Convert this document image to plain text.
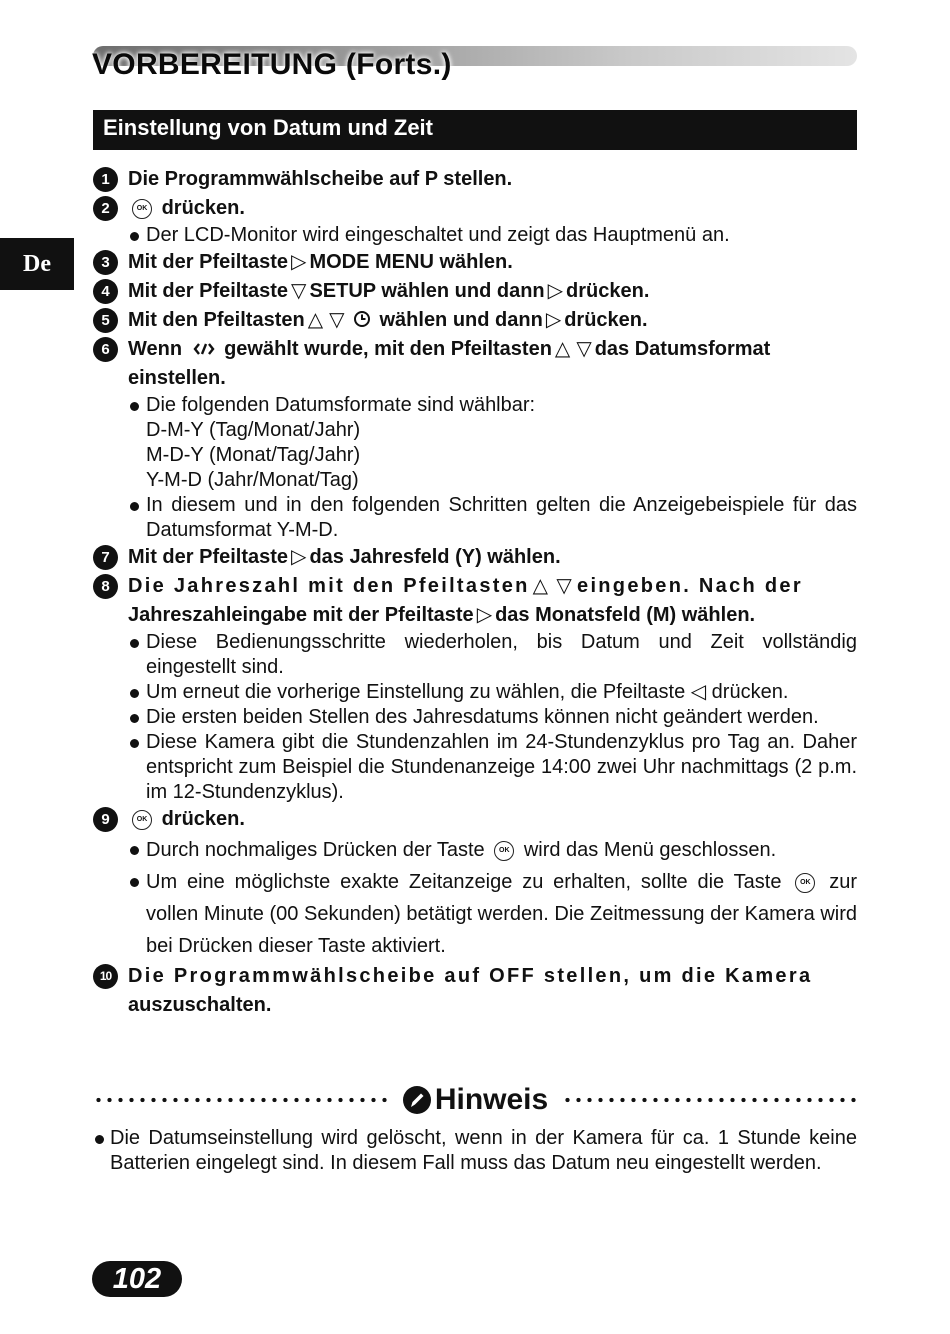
VORBEREITUNG (Forts.)
Einstellung von Datum und Zeit
De
1 Die Programmwählscheibe auf P stellen.
2	OK drücken.
Der LCD-Monitor wird eingeschaltet und zeigt das Hauptmenü an.
3 Mit der Pfeiltaste ▷ MODE MENU wählen.
4 Mit der Pfeiltaste ▽ SETUP wählen und dann ▷ drücken.
5 Mit den Pfeiltasten △ ▽ wählen und dann ▷ drücken.
6 Wenn gewählt wurde, mit den Pfeiltasten △ ▽ das Datumsformat einstellen.
Die folgenden Datumsformate sind wählbar:
D-M-Y (Tag/Monat/Jahr)
M-D-Y (Monat/Tag/Jahr)
Y-M-D (Jahr/Monat/Tag)
In diesem und in den folgenden Schritten gelten die Anzeigebeispiele für das Datumsformat Y-M-D.
7 Mit der Pfeiltaste ▷ das Jahresfeld (Y) wählen.
8 Die Jahreszahl mit den Pfeiltasten △ ▽ eingeben. Nach der
Jahreszahleingabe mit der Pfeiltaste ▷ das Monatsfeld (M) wählen.
Diese Bedienungsschritte wiederholen, bis Datum und Zeit vollständig eingestellt sind.
Um erneut die vorherige Einstellung zu wählen, die Pfeiltaste ◁ drücken.
Die ersten beiden Stellen des Jahresdatums können nicht geändert werden.
Diese Kamera gibt die Stundenzahlen im 24-Stundenzyklus pro Tag an. Daher entspricht zum Beispiel die Stundenanzeige 14:00 zwei Uhr nachmittags (2 p.m. im 12-Stundenzyklus).
9	OK drücken.
Durch nochmaliges Drücken der Taste OK wird das Menü geschlossen.
Um eine möglichste exakte Zeitanzeige zu erhalten, sollte die Taste	OK zur vollen Minute (00 Sekunden) betätigt werden. Die Zeitmessung der Kamera wird bei Drücken dieser Taste aktiviert.
10 Die Programmwählscheibe auf OFF stellen, um die Kamera
auszuschalten.
Hinweis
Die Datumseinstellung wird gelöscht, wenn in der Kamera für ca. 1 Stunde keine Batterien eingelegt sind. In diesem Fall muss das Datum neu eingestellt werden.
102
